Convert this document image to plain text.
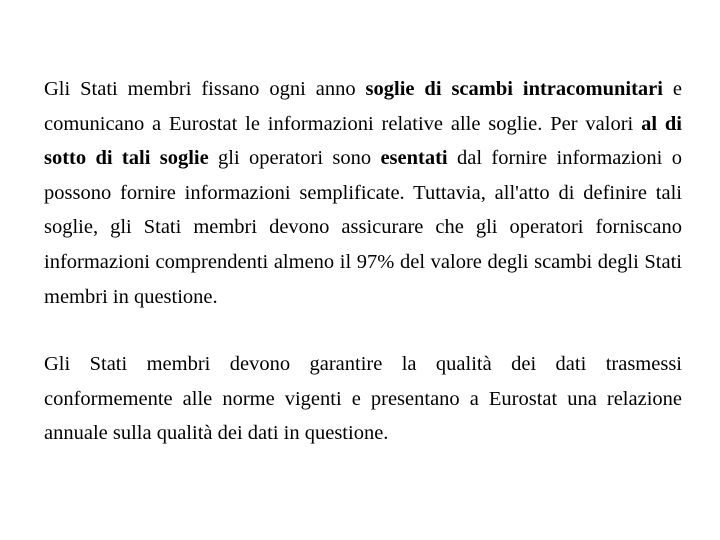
Gli Stati membri fissano ogni anno soglie di scambi intracomunitari e comunicano a Eurostat le informazioni relative alle soglie. Per valori al di sotto di tali soglie gli operatori sono esentati dal fornire informazioni o possono fornire informazioni semplificate. Tuttavia, all'atto di definire tali soglie, gli Stati membri devono assicurare che gli operatori forniscano informazioni comprendenti almeno il 97% del valore degli scambi degli Stati membri in questione.

Gli Stati membri devono garantire la qualità dei dati trasmessi conformemente alle norme vigenti e presentano a Eurostat una relazione annuale sulla qualità dei dati in questione.
